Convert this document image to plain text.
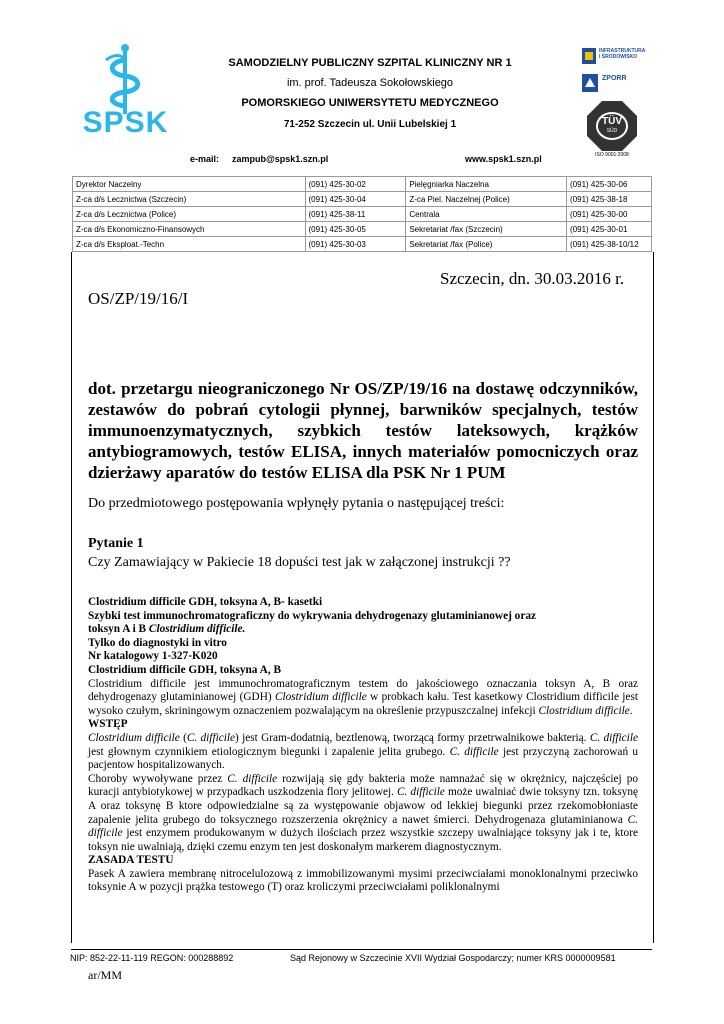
SPSK
SAMODZIELNY PUBLICZNY SZPITAL KLINICZNY NR 1
im. prof. Tadeusza Sokołowskiego
POMORSKIEGO UNIWERSYTETU MEDYCZNEGO
71-252 Szczecin ul. Unii Lubelskiej 1
e-mail: zampub@spsk1.szn.pl	www.spsk1.szn.pl
INFRASTRUKTURA
I ŚRODOWISKO
ZPORR
TÜV
SÜD
ISO 9001:2008
Dyrektor Naczelny	(091) 425-30-02	Pielęgniarka Naczelna	(091) 425-30-06
Z-ca d/s Lecznictwa (Szczecin)	(091) 425-30-04	Z-ca Piel. Naczelnej (Police)	(091) 425-38-18
Z-ca d/s Lecznictwa (Police)	(091) 425-38-11	Centrala	(091) 425-30-00
Z-ca d/s Ekonomiczno-Finansowych	(091) 425-30-05	Sekretariat /fax (Szczecin)	(091) 425-30-01
Z-ca d/s Eksploat.-Techn	(091) 425-30-03	Sekretariat /fax (Police)	(091) 425-38-10/12
Szczecin, dn. 30.03.2016 r.
OS/ZP/19/16/I
dot. przetargu nieograniczonego Nr OS/ZP/19/16 na dostawę odczynników, zestawów do pobrań cytologii płynnej, barwników specjalnych, testów immunoenzymatycznych, szybkich testów lateksowych, krążków antybiogramowych, testów ELISA, innych materiałów pomocniczych oraz dzierżawy aparatów do testów ELISA dla PSK Nr 1 PUM
Do przedmiotowego postępowania wpłynęły pytania o następującej treści:
Pytanie 1
Czy Zamawiający w Pakiecie 18 dopuści test jak w załączonej instrukcji ??
Clostridium difficile GDH, toksyna A, B- kasetki
Szybki test immunochromatograficzny do wykrywania dehydrogenazy glutaminianowej oraz
toksyn A i B Clostridium difficile.
Tylko do diagnostyki in vitro
Nr katalogowy 1-327-K020
Clostridium difficile GDH, toksyna A, B
Clostridium difficile jest immunochromatograficznym testem do jakościowego oznaczania toksyn A, B oraz dehydrogenazy glutaminianowej (GDH) Clostridium difficile w probkach kału. Test kasetkowy Clostridium difficile jest wysoko czułym, skriningowym oznaczeniem pozwalającym na określenie przypuszczalnej infekcji Clostridium difficile.
WSTĘP
Clostridium difficile (C. difficile) jest Gram-dodatnią, beztlenową, tworzącą formy przetrwalnikowe bakterią. C. difficile jest głownym czynnikiem etiologicznym biegunki i zapalenie jelita grubego. C. difficile jest przyczyną zachorowań u pacjentow hospitalizowanych.
Choroby wywoływane przez C. difficile rozwijają się gdy bakteria może namnażać się w okrężnicy, najczęściej po kuracji antybiotykowej w przypadkach uszkodzenia flory jelitowej. C. difficile może uwalniać dwie toksyny tzn. toksynę A oraz toksynę B ktore odpowiedzialne są za występowanie objawow od lekkiej biegunki przez rzekomobłoniaste zapalenie jelita grubego do toksycznego rozszerzenia okrężnicy a nawet śmierci. Dehydrogenaza glutaminianowa C. difficile jest enzymem produkowanym w dużych ilościach przez wszystkie szczepy uwalniające toksyny jak i te, ktore toksyn nie uwalniają, dzięki czemu enzym ten jest doskonałym markerem diagnostycznym.
ZASADA TESTU
Pasek A zawiera membranę nitrocelulozową z immobilizowanymi mysimi przeciwciałami monoklonalnymi przeciwko toksynie A w pozycji prążka testowego (T) oraz kroliczymi przeciwciałami poliklonalnymi
NIP: 852-22-11-119 REGON: 000288892	Sąd Rejonowy w Szczecinie XVII Wydział Gospodarczy; numer KRS 0000009581
ar/MM
